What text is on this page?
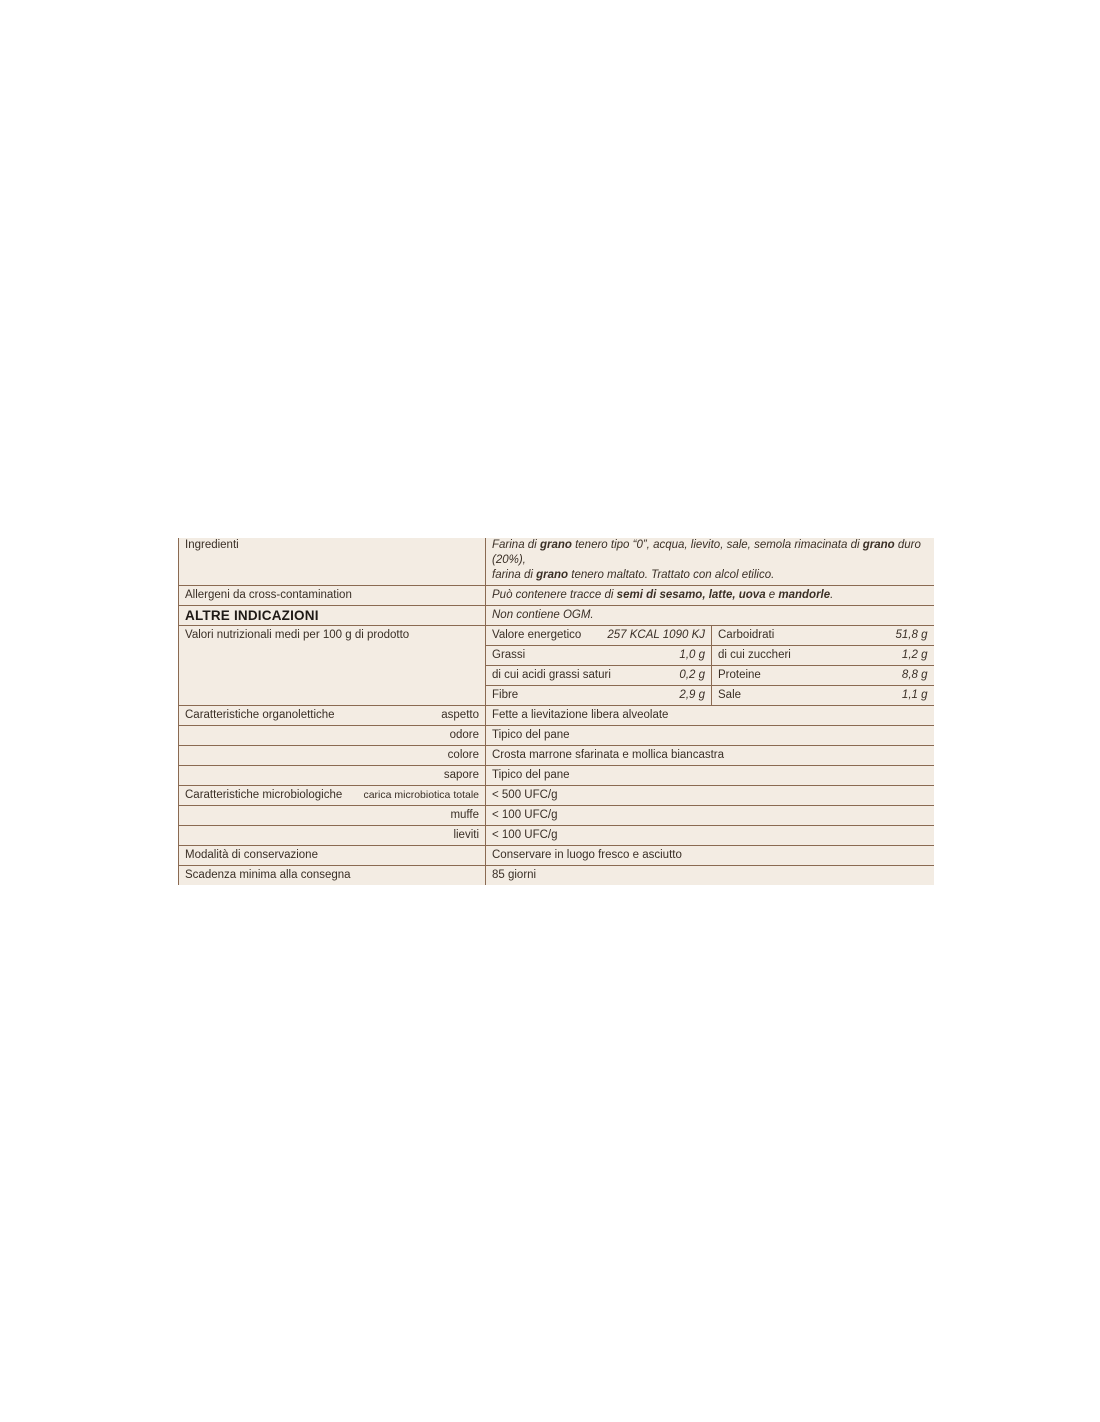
Ingredienti	Farina di grano tenero tipo “0”, acqua, lievito, sale, semola rimacinata di grano duro (20%),
farina di grano tenero maltato. Trattato con alcol etilico.	
Allergeni da cross-contamination	Può contenere tracce di semi di sesamo, latte, uova e mandorle.	
ALTRE INDICAZIONI	Non contiene OGM.	
Valori nutrizionali medi per 100 g di prodotto	Valore energetico 257 KCAL 1090 KJ	Carboidrati 51,8 g

	Grassi 1,0 g	di cui zuccheri 1,2 g

	di cui acidi grassi saturi 0,2 g	Proteine 8,8 g

	Fibre 2,9 g	Sale 1,1 g

Caratteristiche organolettiche aspetto	Fette a lievitazione libera alveolate	
odore	Tipico del pane	
colore	Crosta marrone sfarinata e mollica biancastra	
sapore	Tipico del pane	

Caratteristiche microbiologiche carica microbiotica totale	< 500 UFC/g	
muffe	< 100 UFC/g	
lieviti	< 100 UFC/g	
Modalità di conservazione	Conservare in luogo fresco e asciutto	
Scadenza minima alla consegna	85 giorni	
